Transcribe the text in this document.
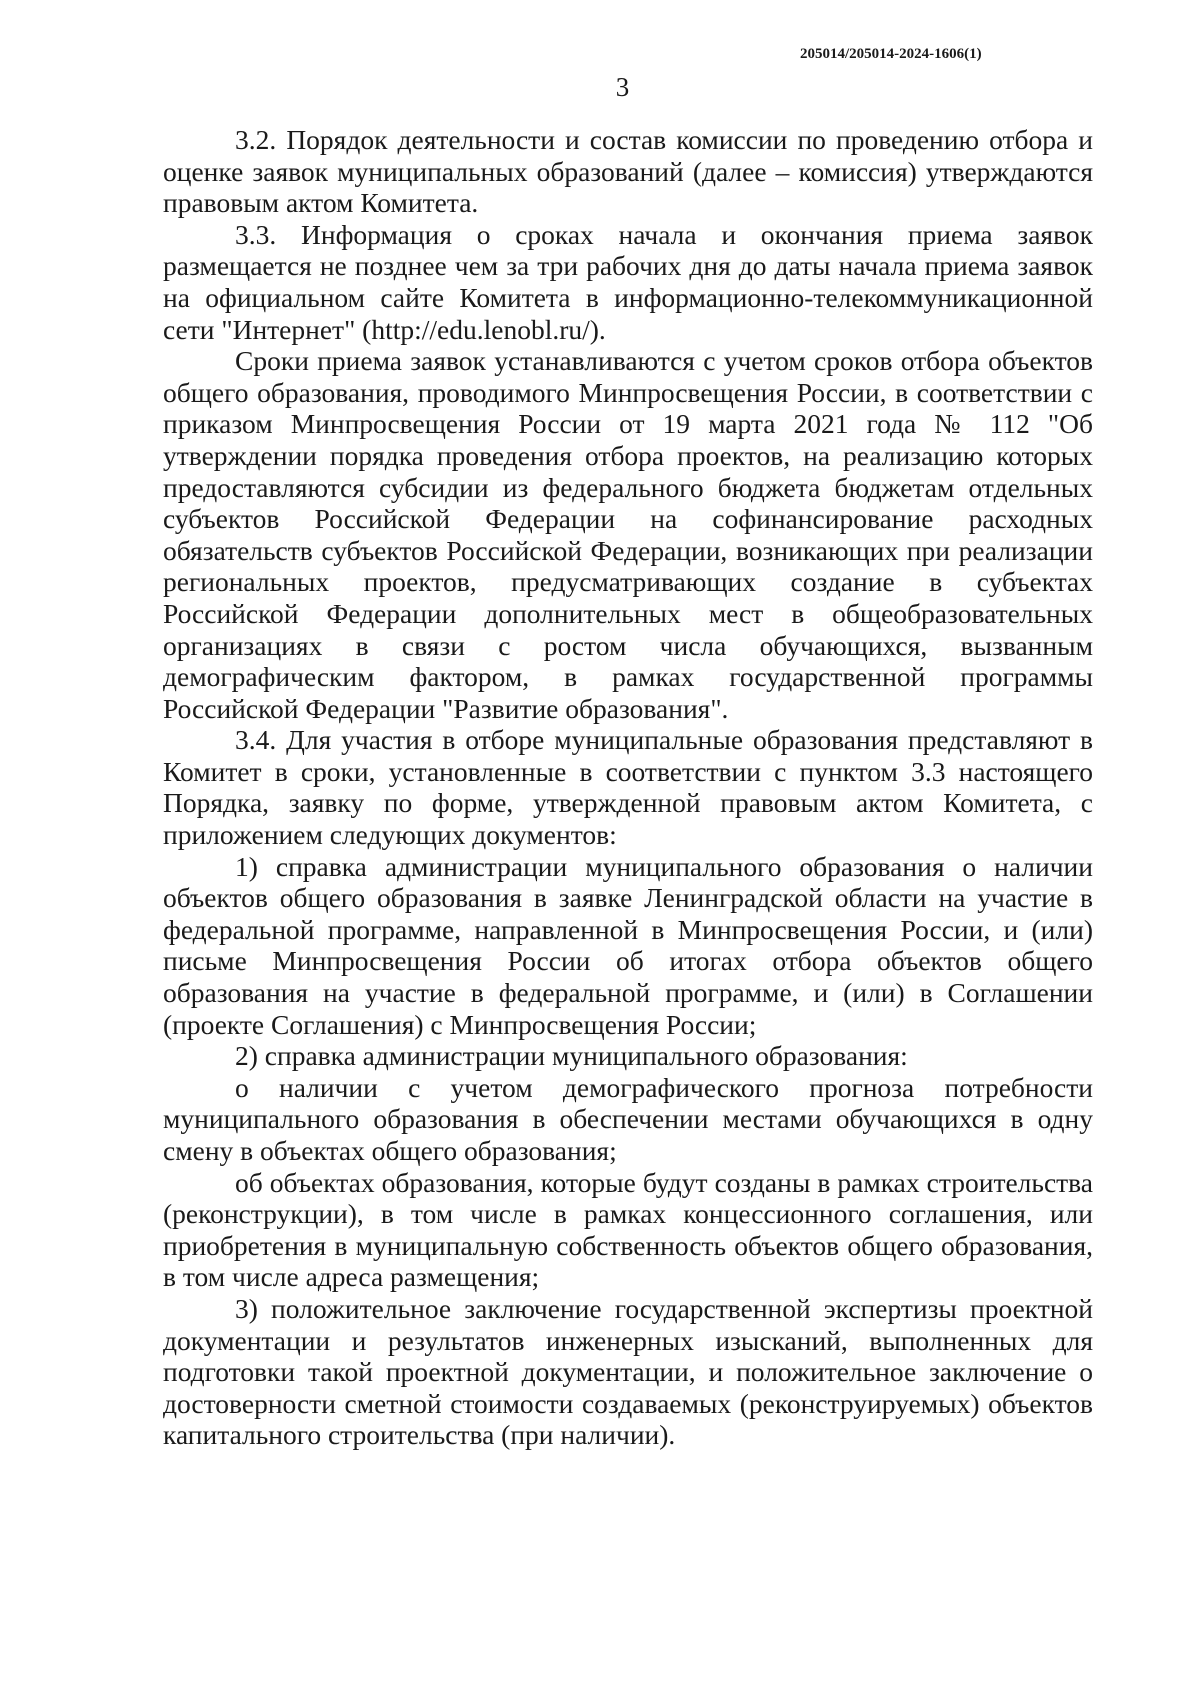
205014/205014-2024-1606(1)
3

3.2. Порядок деятельности и состав комиссии по проведению отбора и оценке заявок муниципальных образований (далее – комиссия) утверждаются правовым актом Комитета.

3.3. Информация о сроках начала и окончания приема заявок размещается не позднее чем за три рабочих дня до даты начала приема заявок на официальном сайте Комитета в информационно-телекоммуникационной сети "Интернет" (http://edu.lenobl.ru/).

Сроки приема заявок устанавливаются с учетом сроков отбора объектов общего образования, проводимого Минпросвещения России, в соответствии с приказом Минпросвещения России от 19 марта 2021 года № 112 "Об утверждении порядка проведения отбора проектов, на реализацию которых предоставляются субсидии из федерального бюджета бюджетам отдельных субъектов Российской Федерации на софинансирование расходных обязательств субъектов Российской Федерации, возникающих при реализации региональных проектов, предусматривающих создание в субъектах Российской Федерации дополнительных мест в общеобразовательных организациях в связи с ростом числа обучающихся, вызванным демографическим фактором, в рамках государственной программы Российской Федерации "Развитие образования".

3.4. Для участия в отборе муниципальные образования представляют в Комитет в сроки, установленные в соответствии с пунктом 3.3 настоящего Порядка, заявку по форме, утвержденной правовым актом Комитета, с приложением следующих документов:

1) справка администрации муниципального образования о наличии объектов общего образования в заявке Ленинградской области на участие в федеральной программе, направленной в Минпросвещения России, и (или) письме Минпросвещения России об итогах отбора объектов общего образования на участие в федеральной программе, и (или) в Соглашении (проекте Соглашения) с Минпросвещения России;

2) справка администрации муниципального образования:

о наличии с учетом демографического прогноза потребности муниципального образования в обеспечении местами обучающихся в одну смену в объектах общего образования;

об объектах образования, которые будут созданы в рамках строительства (реконструкции), в том числе в рамках концессионного соглашения, или приобретения в муниципальную собственность объектов общего образования, в том числе адреса размещения;

3) положительное заключение государственной экспертизы проектной документации и результатов инженерных изысканий, выполненных для подготовки такой проектной документации, и положительное заключение о достоверности сметной стоимости создаваемых (реконструируемых) объектов капитального строительства (при наличии).
